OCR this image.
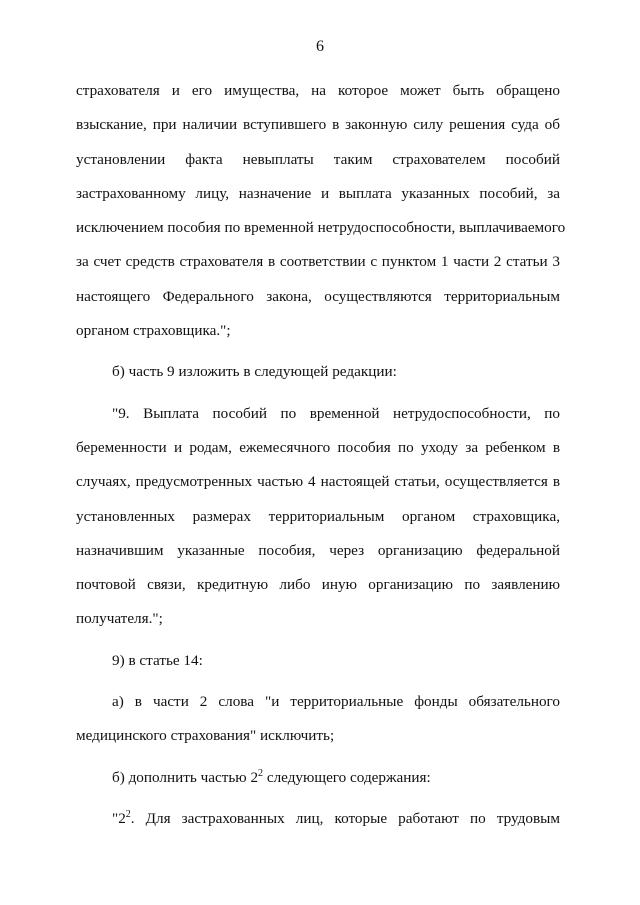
6
страхователя и его имущества, на которое может быть обращено
взыскание, при наличии вступившего в законную силу решения суда об
установлении факта невыплаты таким страхователем пособий
застрахованному лицу, назначение и выплата указанных пособий, за
исключением пособия по временной нетрудоспособности, выплачиваемого
за счет средств страхователя в соответствии с пунктом 1 части 2 статьи 3
настоящего Федерального закона, осуществляются территориальным
органом страховщика.";
б) часть 9 изложить в следующей редакции:
"9. Выплата пособий по временной нетрудоспособности, по
беременности и родам, ежемесячного пособия по уходу за ребенком в
случаях, предусмотренных частью 4 настоящей статьи, осуществляется в
установленных размерах территориальным органом страховщика,
назначившим указанные пособия, через организацию федеральной
почтовой связи, кредитную либо иную организацию по заявлению
получателя.";
9) в статье 14:
а) в части 2 слова "и территориальные фонды обязательного
медицинского страхования" исключить;
б) дополнить частью $2^2$ следующего содержания:
"$2^2$. Для застрахованных лиц, которые работают по трудовым
